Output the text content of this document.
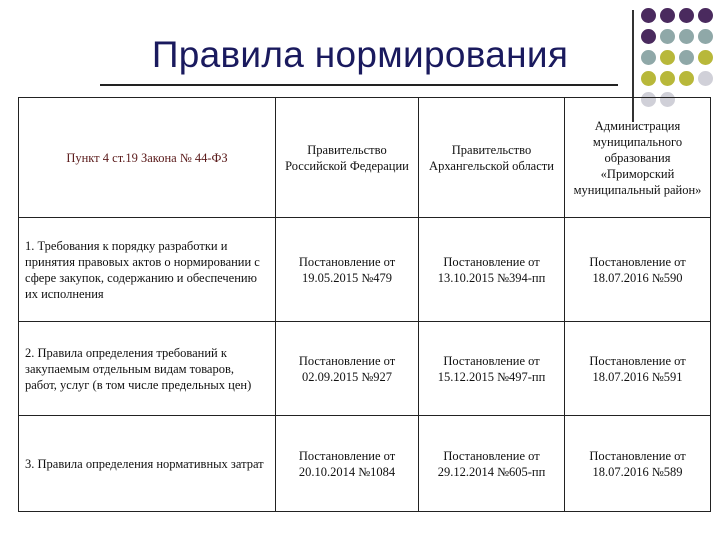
Правила нормирования
Пункт 4 ст.19 Закона № 44-ФЗ	Правительство Российской Федерации	Правительство Архангельской области	Администрация муниципального образования «Приморский муниципальный район»
1. Требования к порядку разработки и принятия правовых актов о нормировании с сфере закупок, содержанию и обеспечению их исполнения	Постановление от 19.05.2015 №479	Постановление от 13.10.2015 №394-пп	Постановление от 18.07.2016 №590
2. Правила определения требований к закупаемым отдельным видам товаров, работ, услуг (в том числе предельных цен)	Постановление от 02.09.2015 №927	Постановление от 15.12.2015 №497-пп	Постановление от 18.07.2016 №591
3. Правила определения нормативных затрат	Постановление от 20.10.2014 №1084	Постановление от 29.12.2014 №605-пп	Постановление от 18.07.2016 №589
